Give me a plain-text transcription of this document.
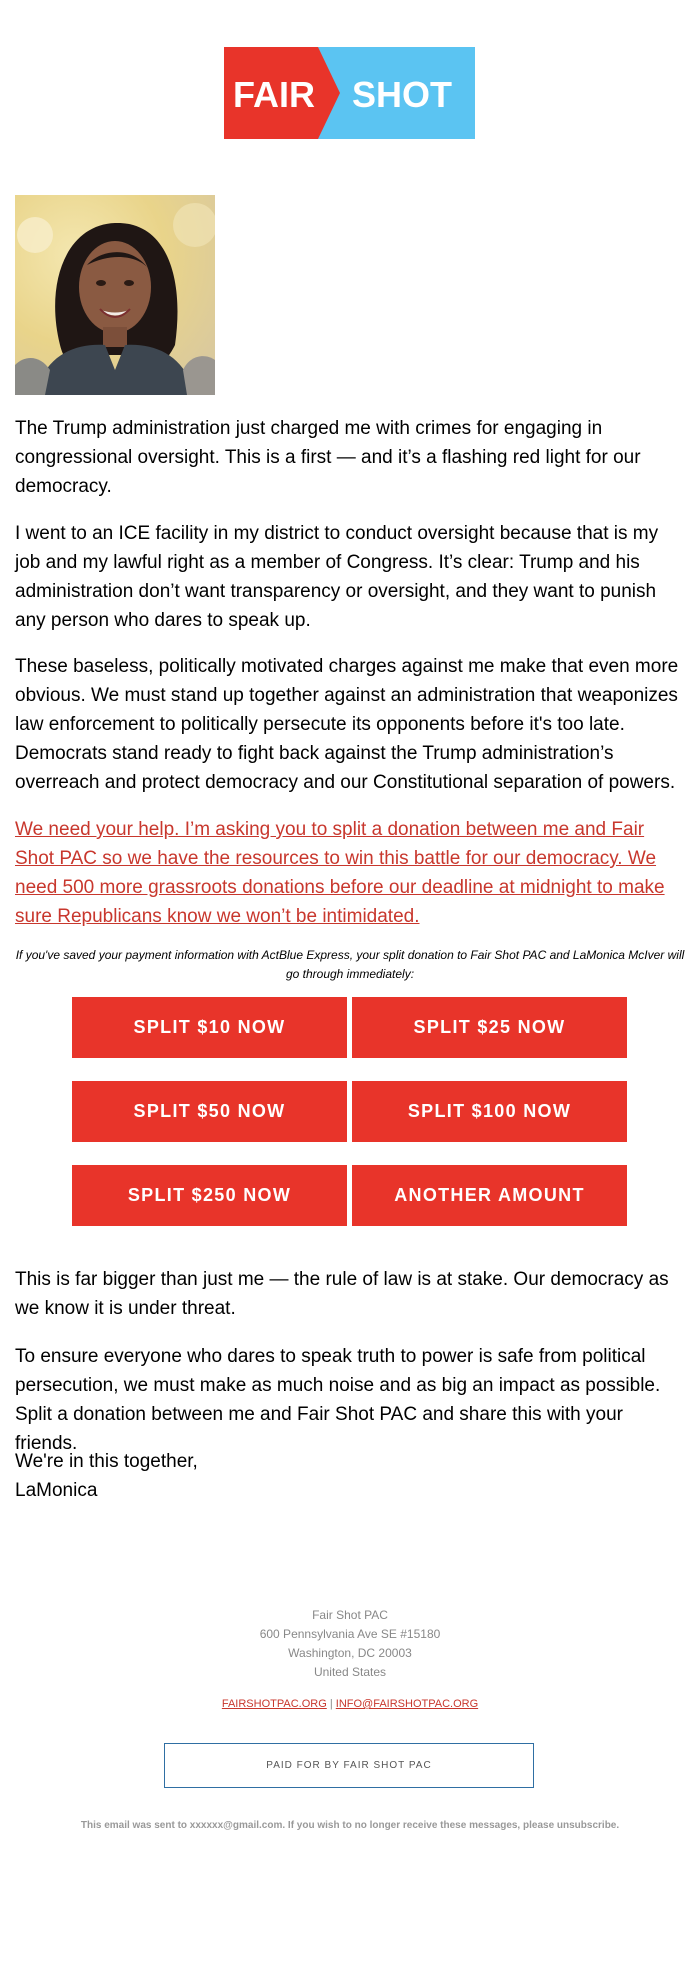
FAIR SHOT

The Trump administration just charged me with crimes for engaging in congressional oversight. This is a first — and it’s a flashing red light for our democracy.

I went to an ICE facility in my district to conduct oversight because that is my job and my lawful right as a member of Congress. It’s clear: Trump and his administration don’t want transparency or oversight, and they want to punish any person who dares to speak up.

These baseless, politically motivated charges against me make that even more obvious. We must stand up together against an administration that weaponizes law enforcement to politically persecute its opponents before it's too late. Democrats stand ready to fight back against the Trump administration’s overreach and protect democracy and our Constitutional separation of powers.

We need your help. I’m asking you to split a donation between me and Fair Shot PAC so we have the resources to win this battle for our democracy. We need 500 more grassroots donations before our deadline at midnight to make sure Republicans know we won’t be intimidated.

If you've saved your payment information with ActBlue Express, your split donation to Fair Shot PAC and LaMonica McIver will go through immediately:
SPLIT $10 NOW	SPLIT $25 NOW
SPLIT $50 NOW	SPLIT $100 NOW
SPLIT $250 NOW	ANOTHER AMOUNT

This is far bigger than just me — the rule of law is at stake. Our democracy as we know it is under threat.

To ensure everyone who dares to speak truth to power is safe from political persecution, we must make as much noise and as big an impact as possible. Split a donation between me and Fair Shot PAC and share this with your friends.

We're in this together,

LaMonica

Fair Shot PAC
600 Pennsylvania Ave SE #15180
Washington, DC 20003
United States
FAIRSHOTPAC.ORG | INFO@FAIRSHOTPAC.ORG
PAID FOR BY FAIR SHOT PAC
This email was sent to xxxxxx@gmail.com. If you wish to no longer receive these messages, please unsubscribe.
